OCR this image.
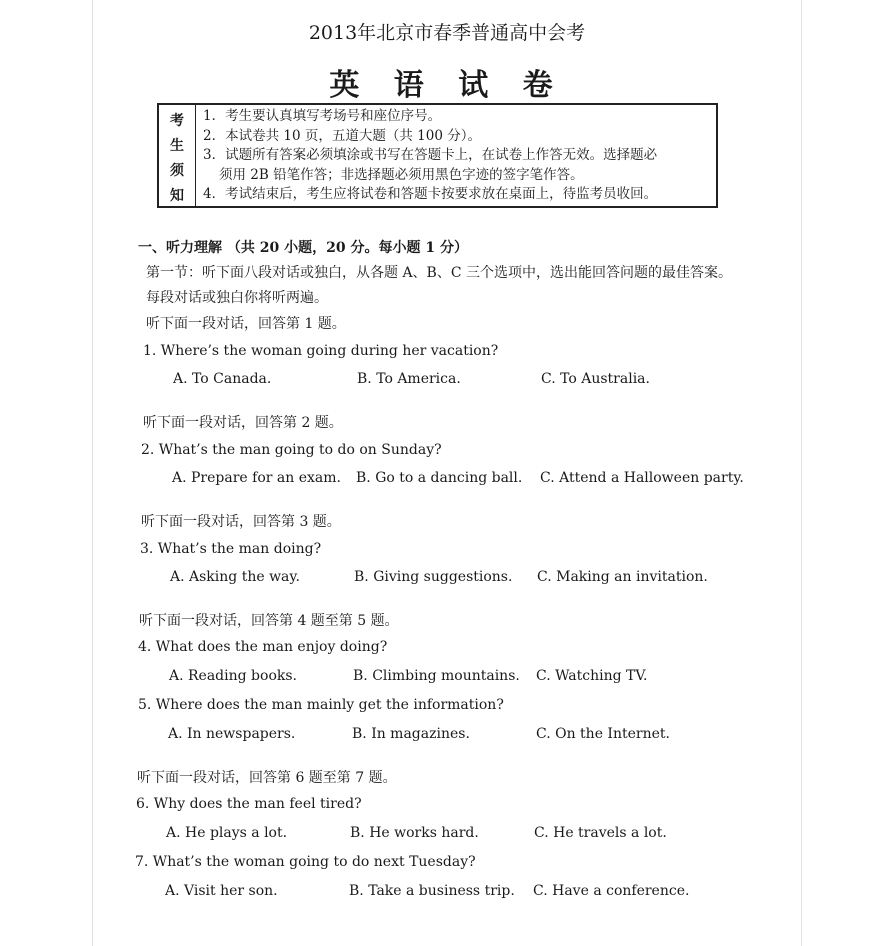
2013年北京市春季普通高中会考
英 语 试 卷
考
生
须
知
1．考生要认真填写考场号和座位序号。
2．本试卷共 10 页，五道大题（共 100 分）。
3．试题所有答案必须填涂或书写在答题卡上，在试卷上作答无效。选择题必
须用 2B 铅笔作答；非选择题必须用黑色字迹的签字笔作答。
4．考试结束后，考生应将试卷和答题卡按要求放在桌面上，待监考员收回。
一、听力理解 （共 20 小题，20 分。每小题 1 分）
第一节：听下面八段对话或独白，从各题 A、B、C 三个选项中，选出能回答问题的最佳答案。
每段对话或独白你将听两遍。
听下面一段对话，回答第 1 题。
1. Where’s the woman going during her vacation?
A. To Canada.	B. To America.	C. To Australia.
听下面一段对话，回答第 2 题。
2. What’s the man going to do on Sunday?
A. Prepare for an exam. B. Go to a dancing ball. C. Attend a Halloween party.
听下面一段对话，回答第 3 题。
3. What’s the man doing?
A. Asking the way.	B. Giving suggestions. C. Making an invitation.
听下面一段对话，回答第 4 题至第 5 题。
4. What does the man enjoy doing?
A. Reading books.	B. Climbing mountains. C. Watching TV.
5. Where does the man mainly get the information?
A. In newspapers.	B. In magazines.	C. On the Internet.
听下面一段对话，回答第 6 题至第 7 题。
6. Why does the man feel tired?
A. He plays a lot.	B. He works hard.	C. He travels a lot.
7. What’s the woman going to do next Tuesday?
A. Visit her son.	B. Take a business trip. C. Have a conference.
